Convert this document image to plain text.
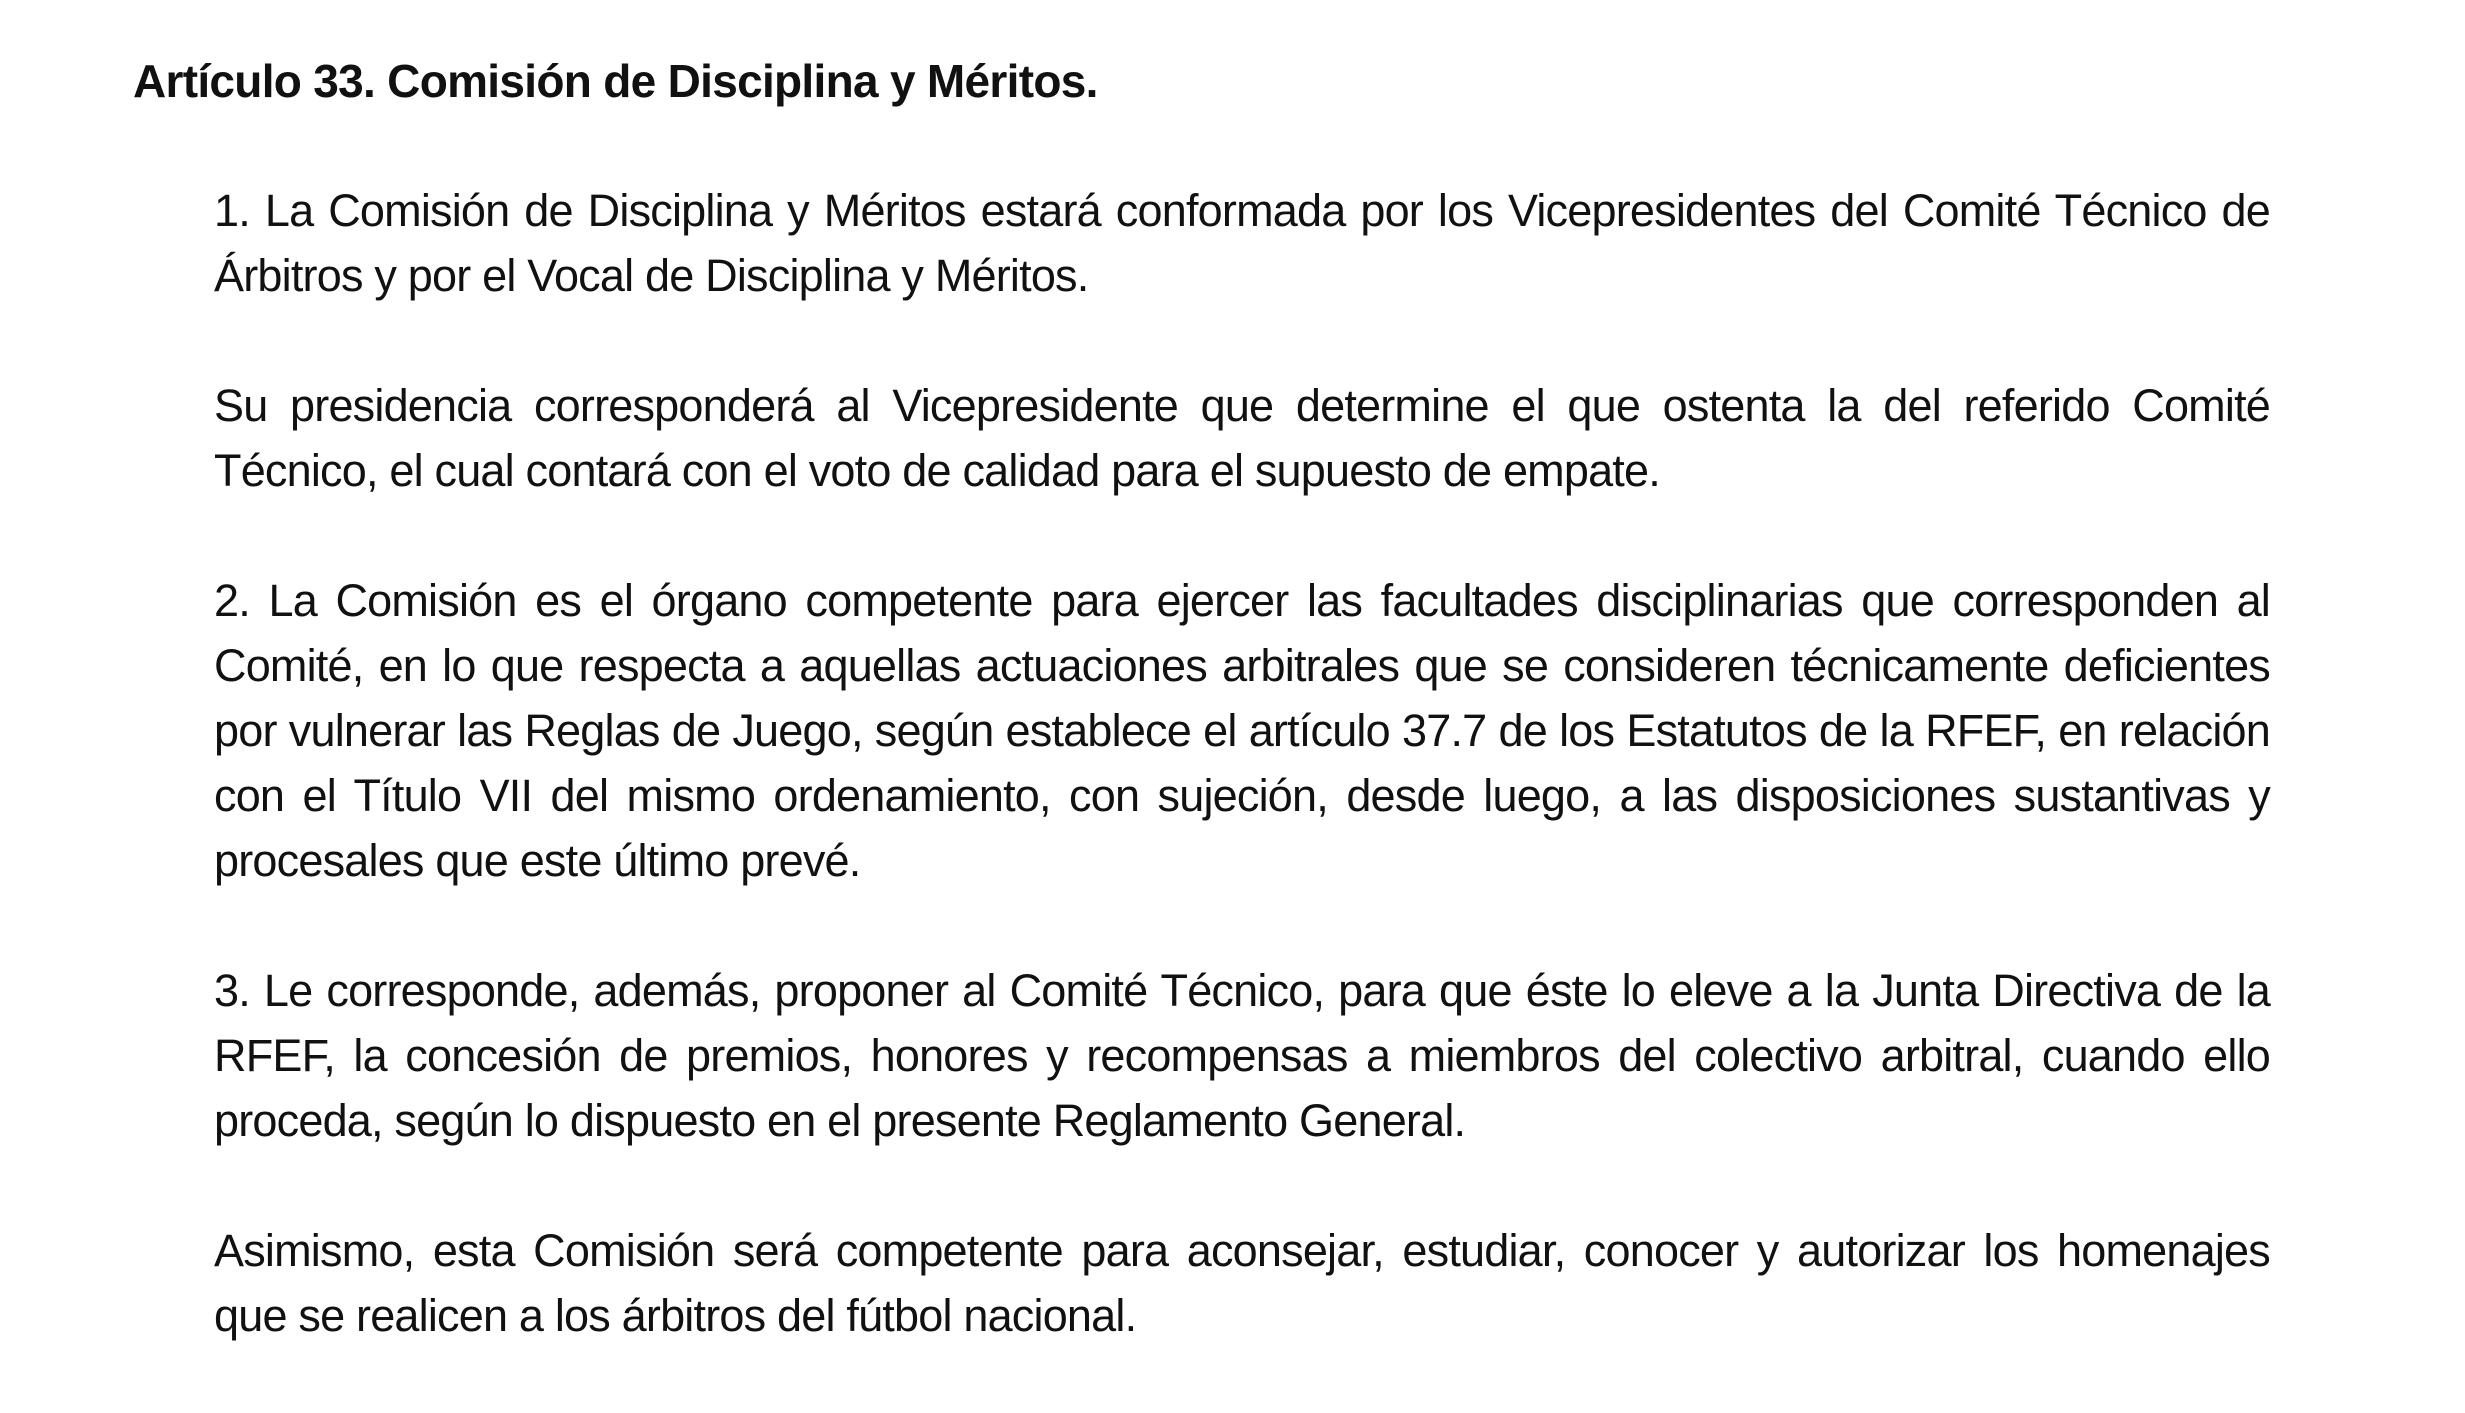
Artículo 33. Comisión de Disciplina y Méritos.

1. La Comisión de Disciplina y Méritos estará conformada por los Vicepresidentes del Comité Técnico de Árbitros y por el Vocal de Disciplina y Méritos.

Su presidencia corresponderá al Vicepresidente que determine el que ostenta la del referido Comité Técnico, el cual contará con el voto de calidad para el supuesto de empate.

2. La Comisión es el órgano competente para ejercer las facultades disciplinarias que corresponden al Comité, en lo que respecta a aquellas actuaciones arbitrales que se consideren técnicamente deficientes por vulnerar las Reglas de Juego, según establece el artículo 37.7 de los Estatutos de la RFEF, en relación con el Título VII del mismo ordenamiento, con sujeción, desde luego, a las disposiciones sustantivas y procesales que este último prevé.

3. Le corresponde, además, proponer al Comité Técnico, para que éste lo eleve a la Junta Directiva de la RFEF, la concesión de premios, honores y recompensas a miembros del colectivo arbitral, cuando ello proceda, según lo dispuesto en el presente Reglamento General.

Asimismo, esta Comisión será competente para aconsejar, estudiar, conocer y autorizar los homenajes que se realicen a los árbitros del fútbol nacional.
